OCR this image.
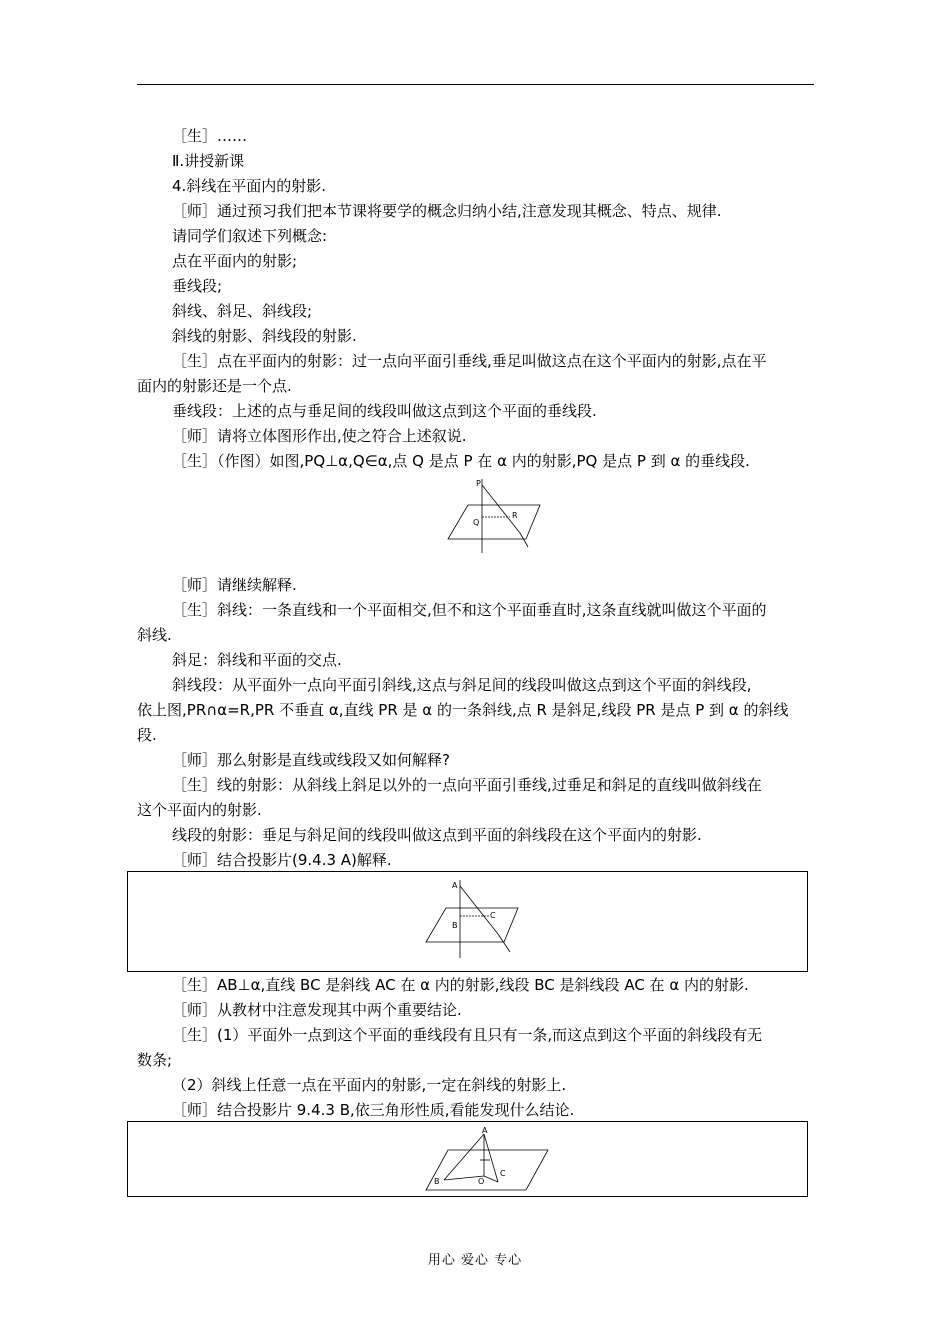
［生］……
Ⅱ.讲授新课
4.斜线在平面内的射影.
［师］通过预习我们把本节课将要学的概念归纳小结,注意发现其概念、特点、规律.
请同学们叙述下列概念:
点在平面内的射影;
垂线段;
斜线、斜足、斜线段;
斜线的射影、斜线段的射影.
［生］点在平面内的射影：过一点向平面引垂线,垂足叫做这点在这个平面内的射影,点在平
面内的射影还是一个点.
垂线段：上述的点与垂足间的线段叫做这点到这个平面的垂线段.
［师］请将立体图形作出,使之符合上述叙说.
［生］（作图）如图,PQ⊥α,Q∈α,点 Q 是点 P 在 α 内的射影,PQ 是点 P 到 α 的垂线段.
P
Q
R
［师］请继续解释.
［生］斜线：一条直线和一个平面相交,但不和这个平面垂直时,这条直线就叫做这个平面的
斜线.
斜足：斜线和平面的交点.
斜线段：从平面外一点向平面引斜线,这点与斜足间的线段叫做这点到这个平面的斜线段,
依上图,PR∩α=R,PR 不垂直 α,直线 PR 是 α 的一条斜线,点 R 是斜足,线段 PR 是点 P 到 α 的斜线
段.
［师］那么射影是直线或线段又如何解释?
［生］线的射影：从斜线上斜足以外的一点向平面引垂线,过垂足和斜足的直线叫做斜线在
这个平面内的射影.
线段的射影：垂足与斜足间的线段叫做这点到平面的斜线段在这个平面内的射影.
［师］结合投影片(9.4.3 A)解释.
A
B
C
［生］AB⊥α,直线 BC 是斜线 AC 在 α 内的射影,线段 BC 是斜线段 AC 在 α 内的射影.
［师］从教材中注意发现其中两个重要结论.
［生］(1）平面外一点到这个平面的垂线段有且只有一条,而这点到这个平面的斜线段有无
数条;
（2）斜线上任意一点在平面内的射影,一定在斜线的射影上.
［师］结合投影片 9.4.3 B,依三角形性质,看能发现什么结论.
A
B	O
C
用心 爱心 专心
